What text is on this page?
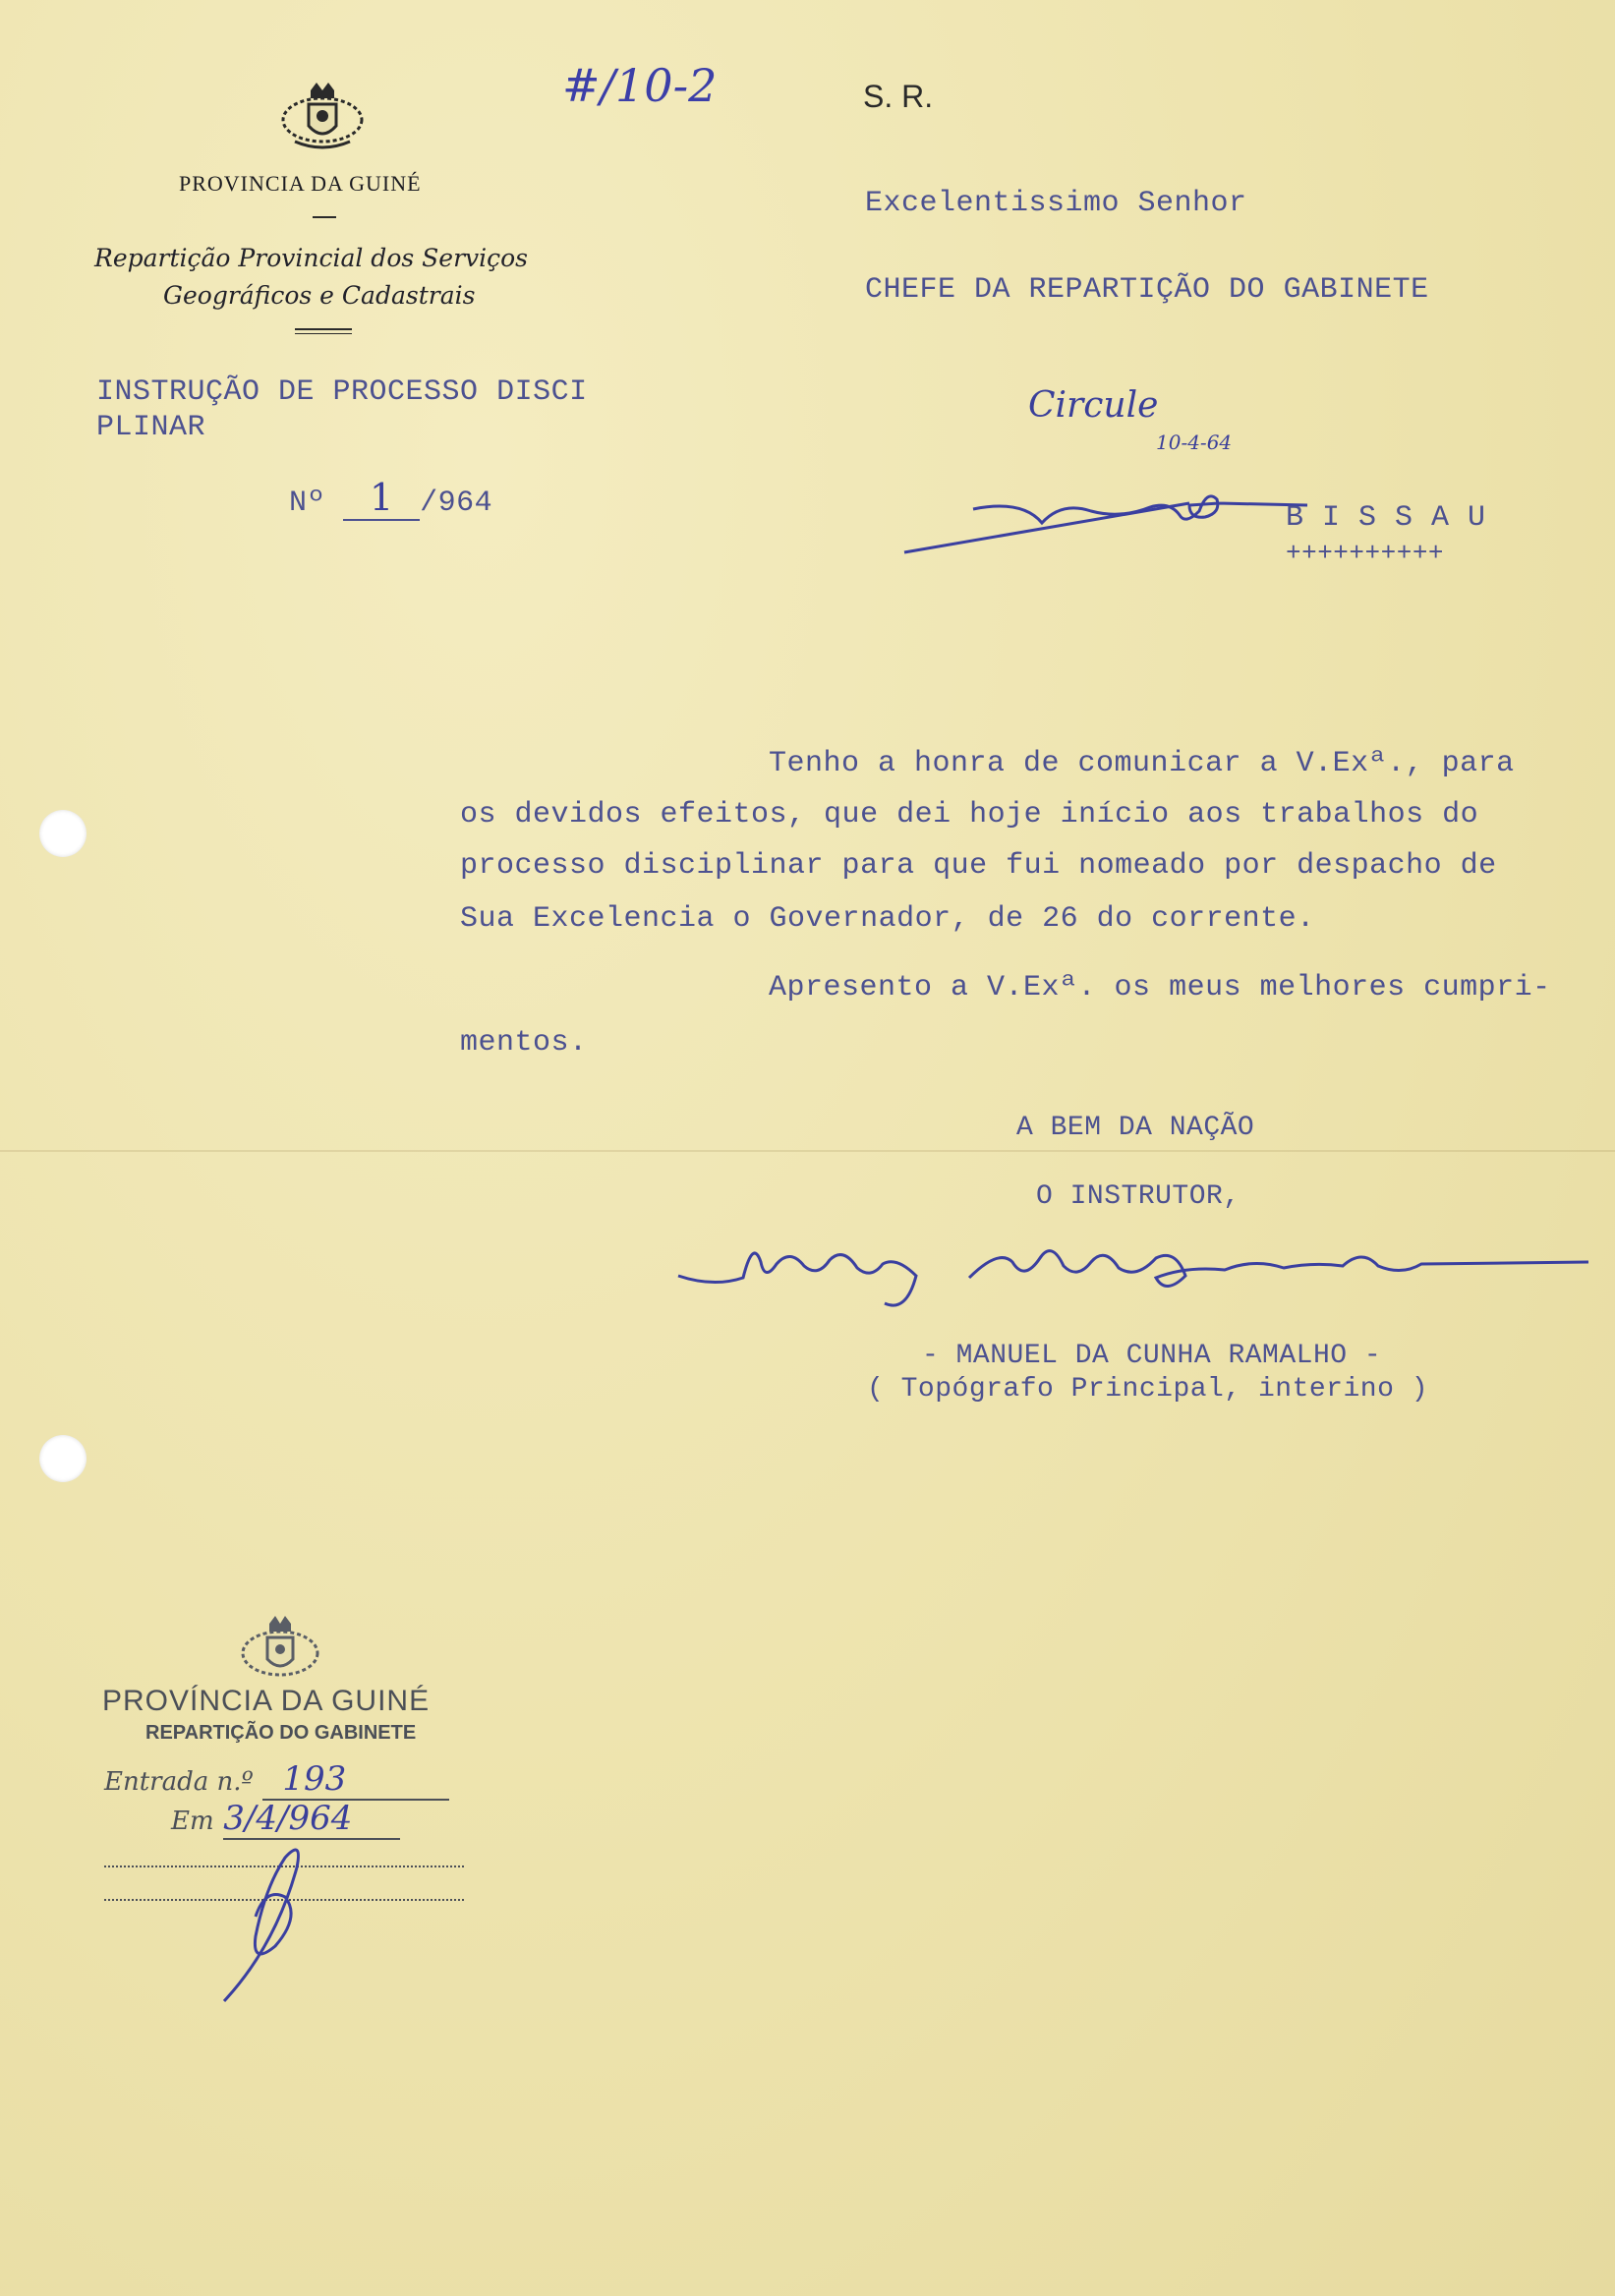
#/10-2	S. R.
PROVINCIA DA GUINÉ
Repartição Provincial dos Serviços
Geográficos e Cadastrais
INSTRUÇÃO DE PROCESSO DISCI
PLINAR
Nº 1 /964
Excelentissimo Senhor
CHEFE DA REPARTIÇÃO DO GABINETE
Circule
10-4-64
B I S S A U
++++++++++
Tenho a honra de comunicar a V.Exª., para
os devidos efeitos, que dei hoje início aos trabalhos do
processo disciplinar para que fui nomeado por despacho de
Sua Excelencia o Governador, de 26 do corrente.
Apresento a V.Exª. os meus melhores cumpri-
mentos.
A BEM DA NAÇÃO
O INSTRUTOR,
- MANUEL DA CUNHA RAMALHO -
( Topógrafo Principal, interino )
PROVÍNCIA DA GUINÉ
REPARTIÇÃO DO GABINETE
Entrada n.º 193
Em 3/4/964
